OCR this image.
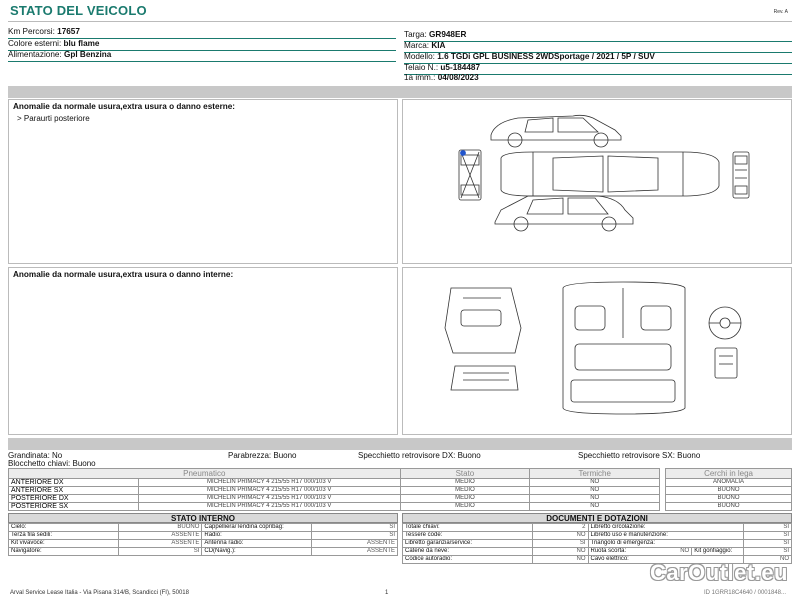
STATO DEL VEICOLO	Rev. A
Km Percorsi: 17657
Colore esterni: blu flame
Alimentazione: Gpl Benzina
Targa: GR948ER
Marca: KIA
Modello: 1.6 TGDi GPL BUSINESS 2WDSportage / 2021 / 5P / SUV
Telaio N.: u5-184487
1a imm.: 04/08/2023
Anomalie da normale usura,extra usura o danno esterne:
> Paraurti posteriore
Anomalie da normale usura,extra usura o danno interne:
Grandinata: No	Parabrezza: Buono	Specchietto retrovisore DX: Buono	Specchietto retrovisore SX: Buono
Blocchetto chiavi: Buono
Pneumatico		Stato	Termiche		Cerchi in lega
ANTERIORE DX	MICHELIN PRIMACY 4 215/55 R17 000/103 V	MEDIO	NO		ANOMALIA
ANTERIORE SX	MICHELIN PRIMACY 4 215/55 R17 000/103 V	MEDIO	NO		BUONO
POSTERIORE DX	MICHELIN PRIMACY 4 215/55 R17 000/103 V	MEDIO	NO		BUONO
POSTERIORE SX	MICHELIN PRIMACY 4 215/55 R17 000/103 V	MEDIO	NO		BUONO
STATO INTERNO
Cielo:	BUONO	Cappelliera/Tendina copribag:	SI
Terza fila sedili:	ASSENTE	Radio:	SI
Kit vivavoce:	ASSENTE	Antenna radio:	ASSENTE
Navigatore:	SI	CD(Navig.):	ASSENTE
DOCUMENTI E DOTAZIONI
Totale chiavi:	2	Libretto circolazione:		SI
Tessere code:	NO	Libretto uso e manutenzione:		SI
Libretto garanzia/service:	SI	Triangolo di emergenza:		SI
Catene da neve:	NO	Ruota scorta: NO	Kit gonfiaggio:	SI
Codice autoradio:	NO	Cavo elettrico:		NO
Arval Service Lease Italia - Via Pisana 314/B, Scandicci (FI), 50018	1	ID 1GRR18C4640 / 0001848...
CarOutlet.eu
